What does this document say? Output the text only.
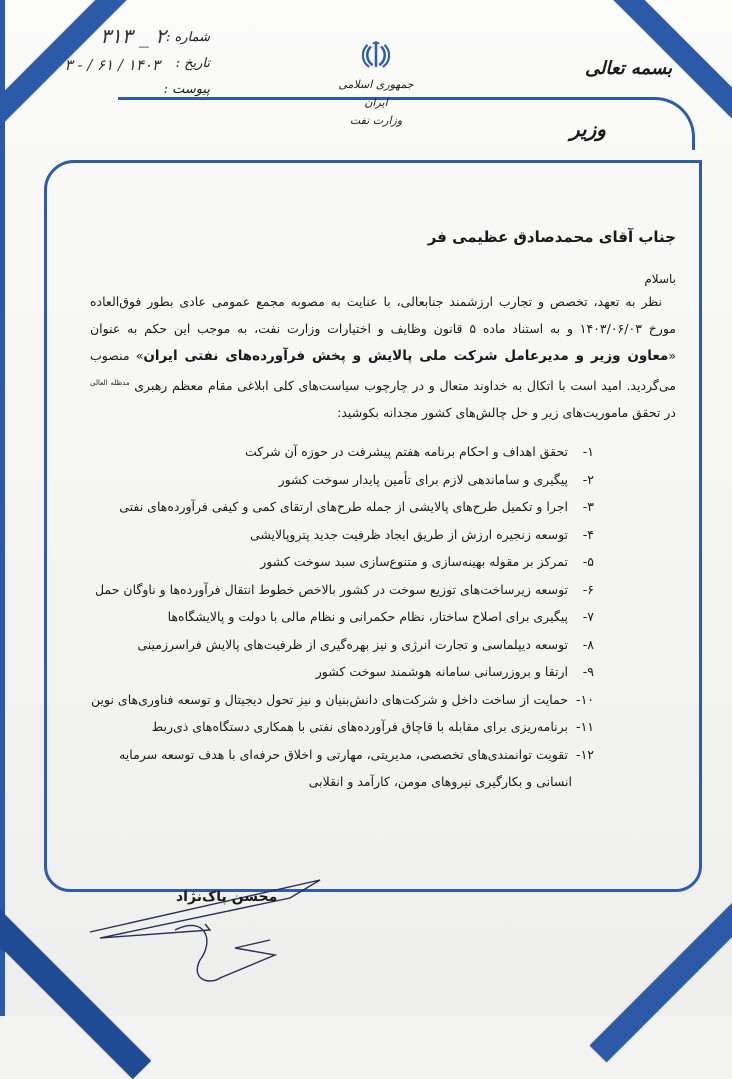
بسمه تعالی
وزیر
جمهوری اسلامی ایران
وزارت نفت
شماره :
۲ _ ۳۱۳
تاریخ :
۱۴۰۳ / ۶۱ / - ۳
پیوست :
جناب آقای محمدصادق عظیمی فر
باسلام
نظر به تعهد، تخصص و تجارب ارزشمند جنابعالی، با عنایت به مصوبه مجمع عمومی عادی بطور فوق‌العاده مورخ ۱۴۰۳/۰۶/۰۳ و به استناد ماده ۵ قانون وظایف و اختیارات وزارت نفت، به موجب این حکم به عنوان «معاون وزیر و مدیرعامل شرکت ملی پالایش و پخش فرآورده‌های نفتی ایران» منصوب می‌گردید. امید است با اتکال به خداوند متعال و در چارچوب سیاست‌های کلی ابلاغی مقام معظم رهبری $^{مدظله العالی}$ در تحقق ماموریت‌های زیر و حل چالش‌های کشور مجدانه بکوشید:
۱- تحقق اهداف و احکام برنامه هفتم پیشرفت در حوزه آن شرکت
۲- پیگیری و ساماندهی لازم برای تأمین پایدار سوخت کشور
۳- اجرا و تکمیل طرح‌های پالایشی از جمله طرح‌های ارتقای کمی و کیفی فرآورده‌های نفتی
۴- توسعه زنجیره ارزش از طریق ایجاد ظرفیت جدید پتروپالایشی
۵- تمرکز بر مقوله بهینه‌سازی و متنوع‌سازی سبد سوخت کشور
۶- توسعه زیرساخت‌های توزیع سوخت در کشور بالاخص خطوط انتقال فرآورده‌ها و ناوگان حمل
۷- پیگیری برای اصلاح ساختار، نظام حکمرانی و نظام مالی با دولت و پالایشگاه‌ها
۸- توسعه دیپلماسی و تجارت انرژی و نیز بهره‌گیری از ظرفیت‌های پالایش فراسرزمینی
۹- ارتقا و بروزرسانی سامانه هوشمند سوخت کشور
۱۰- حمایت از ساخت داخل و شرکت‌های دانش‌بنیان و نیز تحول دیجیتال و توسعه فناوری‌های نوین
۱۱- برنامه‌ریزی برای مقابله با قاچاق فرآورده‌های نفتی با همکاری دستگاه‌های ذی‌ربط
۱۲- تقویت توانمندی‌های تخصصی، مدیریتی، مهارتی و اخلاق حرفه‌ای با هدف توسعه سرمایه
انسانی و بکارگیری نیروهای مومن، کارآمد و انقلابی
محسن پاک‌نژاد
